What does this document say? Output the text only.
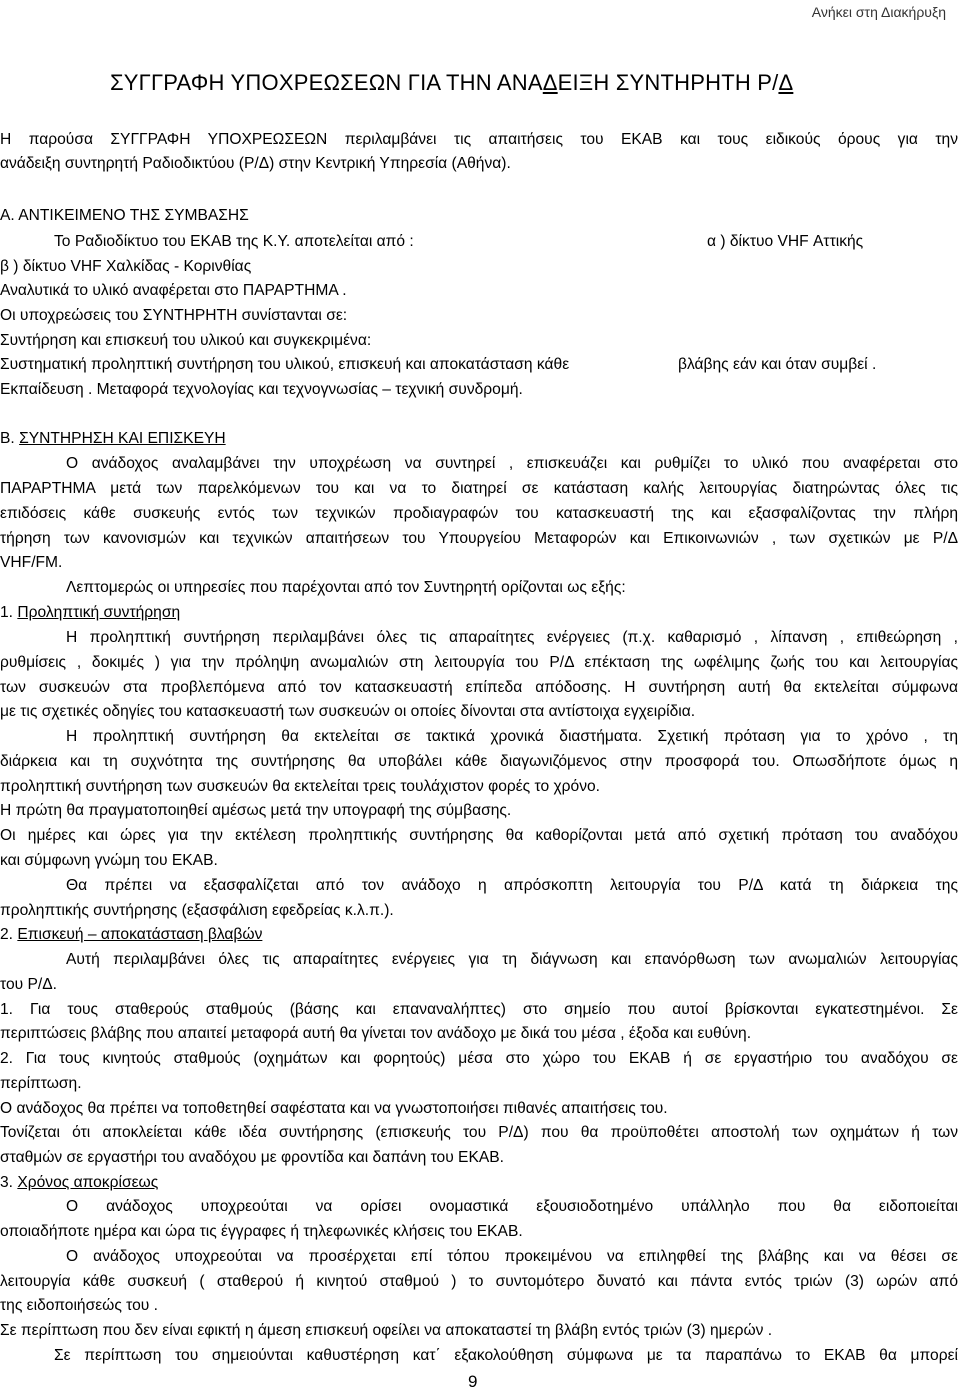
Ανήκει στη Διακήρυξη
ΣΥΓΓΡΑΦΗ ΥΠΟΧΡΕΩΣΕΩΝ ΓΙΑ ΤΗΝ ΑΝΑΔΕΙΞΗ ΣΥΝΤΗΡΗΤΗ Ρ/Δ
Η παρούσα ΣΥΓΓΡΑΦΗ ΥΠΟΧΡΕΩΣΕΩΝ περιλαμβάνει τις απαιτήσεις του ΕΚΑΒ και τους ειδικούς όρους για την
ανάδειξη συντηρητή Ραδιοδικτύου (Ρ/Δ) στην Κεντρική Υπηρεσία (Αθήνα).
Α. ΑΝΤΙΚΕΙΜΕΝΟ ΤΗΣ ΣΥΜΒΑΣΗΣ
Το Ραδιοδίκτυο του ΕΚΑΒ της Κ.Υ. αποτελείται από :	α ) δίκτυο VHF Αττικής
β ) δίκτυο VHF Χαλκίδας - Κορινθίας
Αναλυτικά το υλικό αναφέρεται στο ΠΑΡΑΡΤΗΜΑ .
Οι υποχρεώσεις του ΣΥΝΤΗΡΗΤΗ συνίστανται σε:
Συντήρηση και επισκευή του υλικού και συγκεκριμένα:
Συστηματική προληπτική συντήρηση του υλικού, επισκευή και αποκατάσταση κάθε	βλάβης εάν και όταν συμβεί .
Εκπαίδευση . Μεταφορά τεχνολογίας και τεχνογνωσίας – τεχνική συνδρομή.
Β. ΣΥΝΤΗΡΗΣΗ ΚΑΙ ΕΠΙΣΚΕΥΗ
Ο ανάδοχος αναλαμβάνει την υποχρέωση να συντηρεί , επισκευάζει και ρυθμίζει το υλικό που αναφέρεται στο
ΠΑΡΑΡΤΗΜΑ μετά των παρελκόμενων του και να το διατηρεί σε κατάσταση καλής λειτουργίας διατηρώντας όλες τις
επιδόσεις κάθε συσκευής εντός των τεχνικών προδιαγραφών του κατασκευαστή της και εξασφαλίζοντας την πλήρη
τήρηση των κανονισμών και τεχνικών απαιτήσεων του Υπουργείου Μεταφορών και Επικοινωνιών , των σχετικών με Ρ/Δ
VHF/FM.
Λεπτομερώς οι υπηρεσίες που παρέχονται από τον Συντηρητή ορίζονται ως εξής:
1. Προληπτική συντήρηση
Η προληπτική συντήρηση περιλαμβάνει όλες τις απαραίτητες ενέργειες (π.χ. καθαρισμό , λίπανση , επιθεώρηση ,
ρυθμίσεις , δοκιμές ) για την πρόληψη ανωμαλιών στη λειτουργία του Ρ/Δ επέκταση της ωφέλιμης ζωής του και λειτουργίας
των συσκευών στα προβλεπόμενα από τον κατασκευαστή επίπεδα απόδοσης. Η συντήρηση αυτή θα εκτελείται σύμφωνα
με τις σχετικές οδηγίες του κατασκευαστή των συσκευών οι οποίες δίνονται στα αντίστοιχα εγχειρίδια.
Η προληπτική συντήρηση θα εκτελείται σε τακτικά χρονικά διαστήματα. Σχετική πρόταση για το χρόνο , τη
διάρκεια και τη συχνότητα της συντήρησης θα υποβάλει κάθε διαγωνιζόμενος στην προσφορά του. Οπωσδήποτε όμως η
προληπτική συντήρηση των συσκευών θα εκτελείται τρεις τουλάχιστον φορές το χρόνο.
Η πρώτη θα πραγματοποιηθεί αμέσως μετά την υπογραφή της σύμβασης.
Οι ημέρες και ώρες για την εκτέλεση προληπτικής συντήρησης θα καθορίζονται μετά από σχετική πρόταση του αναδόχου
και σύμφωνη γνώμη του ΕΚΑΒ.
Θα πρέπει να εξασφαλίζεται από τον ανάδοχο η απρόσκοπτη λειτουργία του Ρ/Δ κατά τη διάρκεια της
προληπτικής συντήρησης (εξασφάλιση εφεδρείας κ.λ.π.).
2. Επισκευή – αποκατάσταση βλαβών
Αυτή περιλαμβάνει όλες τις απαραίτητες ενέργειες για τη διάγνωση και επανόρθωση των ανωμαλιών λειτουργίας
του Ρ/Δ.
1. Για τους σταθερούς σταθμούς (βάσης και επαναναλήπτες) στο σημείο που αυτοί βρίσκονται εγκατεστημένοι. Σε
περιπτώσεις βλάβης που απαιτεί μεταφορά αυτή θα γίνεται τον ανάδοχο με δικά του μέσα , έξοδα και ευθύνη.
2. Για τους κινητούς σταθμούς (οχημάτων και φορητούς) μέσα στο χώρο του ΕΚΑΒ ή σε εργαστήριο του αναδόχου σε
περίπτωση.
Ο ανάδοχος θα πρέπει να τοποθετηθεί σαφέστατα και να γνωστοποιήσει πιθανές απαιτήσεις του.
Τονίζεται ότι αποκλείεται κάθε ιδέα συντήρησης (επισκευής του Ρ/Δ) που θα προϋποθέτει αποστολή των οχημάτων ή των
σταθμών σε εργαστήρι του αναδόχου με φροντίδα και δαπάνη του ΕΚΑΒ.
3. Χρόνος αποκρίσεως
Ο ανάδοχος υποχρεούται να ορίσει ονομαστικά εξουσιοδοτημένο υπάλληλο που θα ειδοποιείται
οποιαδήποτε ημέρα και ώρα τις έγγραφες ή τηλεφωνικές κλήσεις του ΕΚΑΒ.
Ο ανάδοχος υποχρεούται να προσέρχεται επί τόπου προκειμένου να επιληφθεί της βλάβης και να θέσει σε
λειτουργία κάθε συσκευή ( σταθερού ή κινητού σταθμού ) το συντομότερο δυνατό και πάντα εντός τριών (3) ωρών από
της ειδοποιήσεώς του .
Σε περίπτωση που δεν είναι εφικτή η άμεση επισκευή οφείλει να αποκαταστεί τη βλάβη εντός τριών (3) ημερών .
Σε περίπτωση του σημειούνται καθυστέρηση κατ΄ εξακολούθηση σύμφωνα με τα παραπάνω το ΕΚΑΒ θα μπορεί
9
